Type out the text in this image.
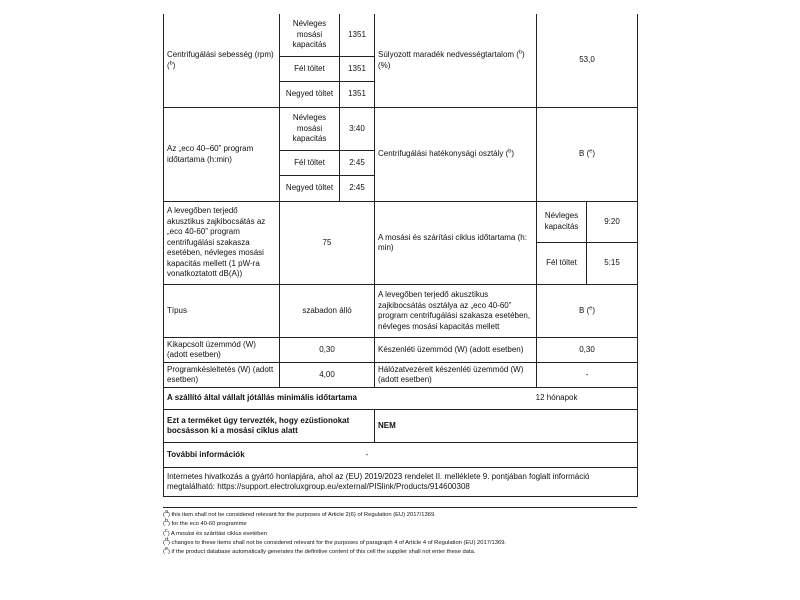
Centrifugálási sebesség (rpm)($^b$)	Névleges mosási kapacitás	1351	Súlyozott maradék nedvességtartalom ($^b$) (%)	53,0	
	Fél töltet	1351			
	Negyed töltet	1351			
Az „eco 40–60” program időtartama (h:min)	Névleges mosási kapacitás	3:40	Centrifugálási hatékonysági osztály ($^b$)	B ($^e$)	
	Fél töltet	2:45			
	Negyed töltet	2:45			
A levegőben terjedő akusztikus zajkibocsátás az „eco 40-60” program centrifugálási szakasza esetében, névleges mosási kapacitás mellett (1 pW-ra vonatkoztatott dB(A))	75		A mosási és szárítási ciklus időtartama (h: min)	Névleges kapacitás	9:20
				Fél töltet	5:15
Típus	szabadon álló		A levegőben terjedő akusztikus zajkibocsátás osztálya az „eco 40-60” program centrifugálási szakasza esetében, névleges mosási kapacitás mellett	B ($^e$)	
Kikapcsolt üzemmód (W) (adott esetben)	0,30		Készenléti üzemmód (W) (adott esetben)	0,30	
Programkésleltetés (W) (adott esetben)	4,00		Hálózatvezérelt készenléti üzemmód (W) (adott esetben)	-	
A szállító által vállalt jótállás minimális időtartama 12 hónapok					

Ezt a terméket úgy tervezték, hogy ezüstionokat bocsásson ki a mosási ciklus alatt			NEM		
További információk			-		
Internetes hivatkozás a gyártó honlapjára, ahol az (EU) 2019/2023 rendelet II. melléklete 9. pontjában foglalt információ megtalálható: https://support.electroluxgroup.eu/external/PISlink/Products/914600308					
($^a$) this item shall not be considered relevant for the purposes of Article 2(6) of Regulation (EU) 2017/1369.
($^b$) for the eco 40-60 programme
($^c$) A mosási és szárítási ciklus esetében
($^d$) changes to these items shall not be considered relevant for the purposes of paragraph 4 of Article 4 of Regulation (EU) 2017/1369.
($^e$) if the product database automatically generates the definitive content of this cell the supplier shall not enter these data.
